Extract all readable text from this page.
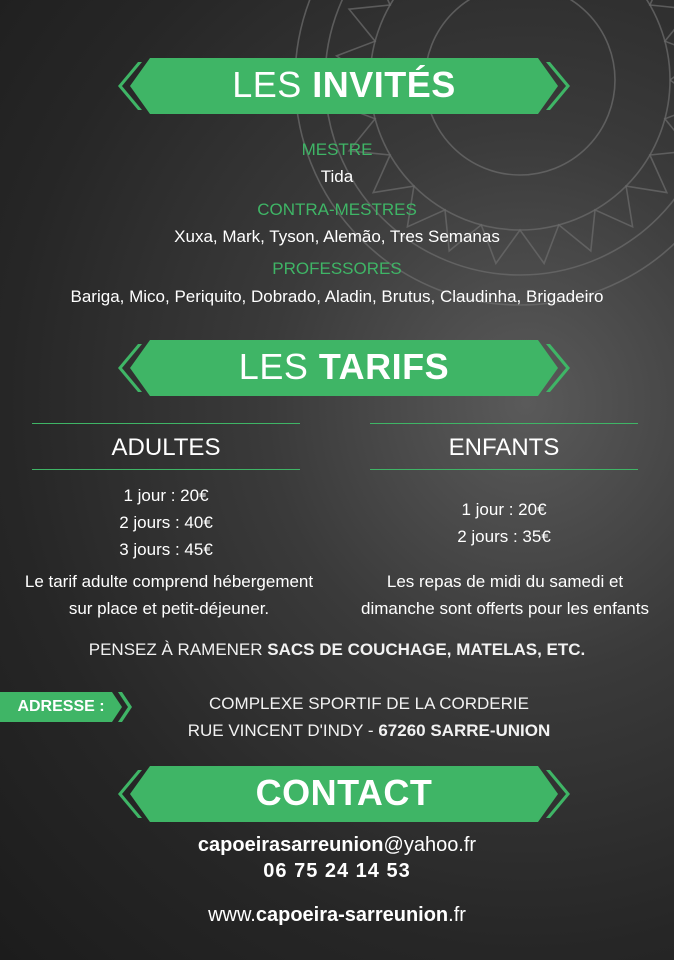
LES
INVITÉS
MESTRE
Tida
CONTRA-MESTRES
Xuxa, Mark, Tyson, Alemão, Tres Semanas
PROFESSORES
Bariga, Mico, Periquito, Dobrado, Aladin, Brutus, Claudinha, Brigadeiro
LES
TARIFS
ADULTES
1 jour : 20€
2 jours : 40€
3 jours : 45€
Le tarif adulte comprend hébergement
sur place et petit-déjeuner.
ENFANTS
1 jour : 20€
2 jours : 35€
Les repas de midi du samedi et
dimanche sont offerts pour les enfants
PENSEZ À RAMENER SACS DE COUCHAGE, MATELAS, ETC.
ADRESSE :	COMPLEXE SPORTIF DE LA CORDERIE
RUE VINCENT D'INDY - 67260 SARRE-UNION
CONTACT
capoeirasarreunion@yahoo.fr
06 75 24 14 53
www.capoeira-sarreunion.fr
